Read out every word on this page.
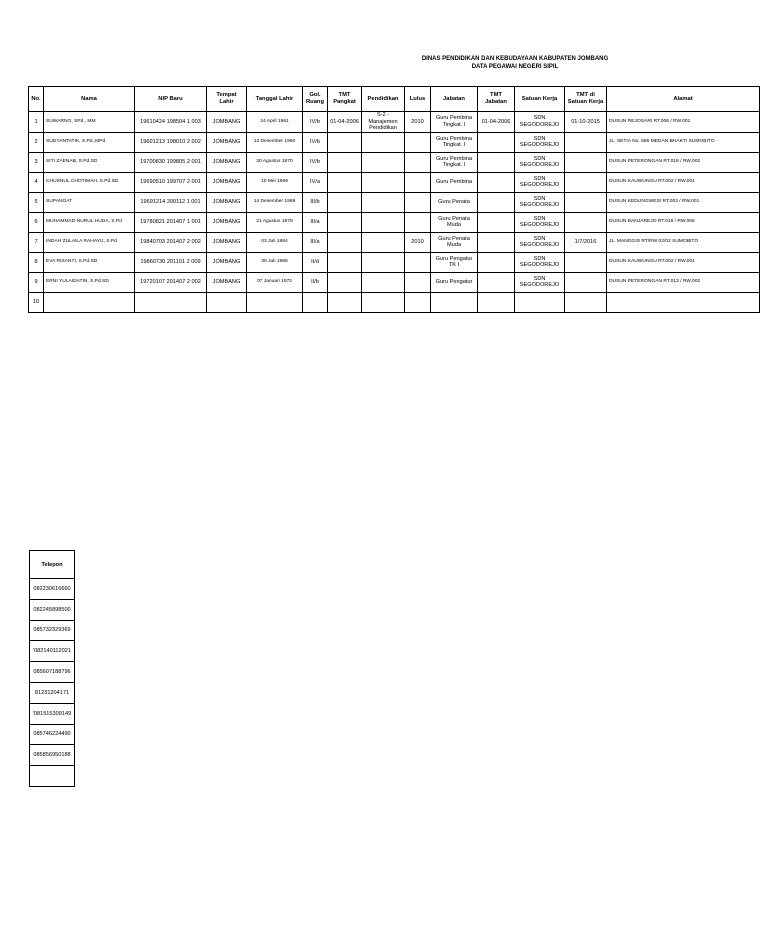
DINAS PENDIDIKAN DAN KEBUDAYAAN KABUPATEN JOMBANG
DATA PEGAWAI NEGERI SIPIL
No.	Nama	NIP Baru	Tempat Lahir	Tanggal Lahir	Gol. Ruang	TMT Pangkat	Pendidikan	Lulus	Jabatan	TMT Jabatan	Satuan Kerja	TMT di Satuan Kerja	Alamat
1	SUWARNO, SPd., MM	19610424 198504 1 003	JOMBANG	24 April 1961	IV/b	01-04-2006	S-2 - Manajemen Pendidikan	2010	Guru Pembina Tingkat. I	01-04-2006	SDN SEGODOREJO	01-10-2015	DUSUN REJOSARI RT.006 / RW.001
2	SUDYANTATIK, S.Pd.,MPd	19601213 198010 2 002	JOMBANG	13 Desember 1960	IV/b				Guru Pembina Tingkat. I		SDN SEGODOREJO		JL. SETIA No. 565 MEDAN BHAKTI SUMOBITO
3	SITI ZAENAB, S.Pd.SD	19700830 199805 2 001	JOMBANG	30 Agustus 1970	IV/b				Guru Pembina Tingkat. I		SDN SEGODOREJO		DUSUN PETERONGAN RT.018 / RW.002
4	CHUSNUL CHOTIMAH, S.Pd.SD	19690510 199707 2 001	JOMBANG	10 Mei 1969	IV/a				Guru Pembina		SDN SEGODOREJO		DUSUN KAUWUNGU RT.002 / RW.001
5	SUPANGAT	19691214 200112 1 001	JOMBANG	14 Desember 1969	III/b				Guru Penata		SDN SEGODOREJO		DUSUN KEDUNGWESI RT.002 / RW.001
6	MUHAMMAD NURUL HUDA, S.Pd	19780821 201407 1 001	JOMBANG	21 Agustus 1978	III/a				Guru Penata Muda		SDN SEGODOREJO		DUSUN BANJAREJO RT.018 / RW.006
7	INDAH ZULAILA RAHAYU, S.Pd	19840703 201407 2 002	JOMBANG	03 Juli 1984	III/a			2010	Guru Penata Muda		SDN SEGODOREJO	1/7/2016	JL. MANGGIS RT/RW 02/02 SUMOBITO
8	EVA RISANTI, S.Pd.SD	19860730 201101 2 009	JOMBANG	30 Juli 1986	II/d				Guru Pengatur TK I		SDN SEGODOREJO		DUSUN KAUWUNGU RT.002 / RW.001
9	ERNI YULAIDATIN, S.Pd.SD	19720107 201407 2 002	JOMBANG	07 Januari 1972	II/b				Guru Pengatur		SDN SEGODOREJO		DUSUN PETERONGAN RT.013 / RW.002
10													
Telepon
082230616660
082245898500
085732329369
'082140112021
085607188796
81231204171
'081515309149
085746224490
085856950188
